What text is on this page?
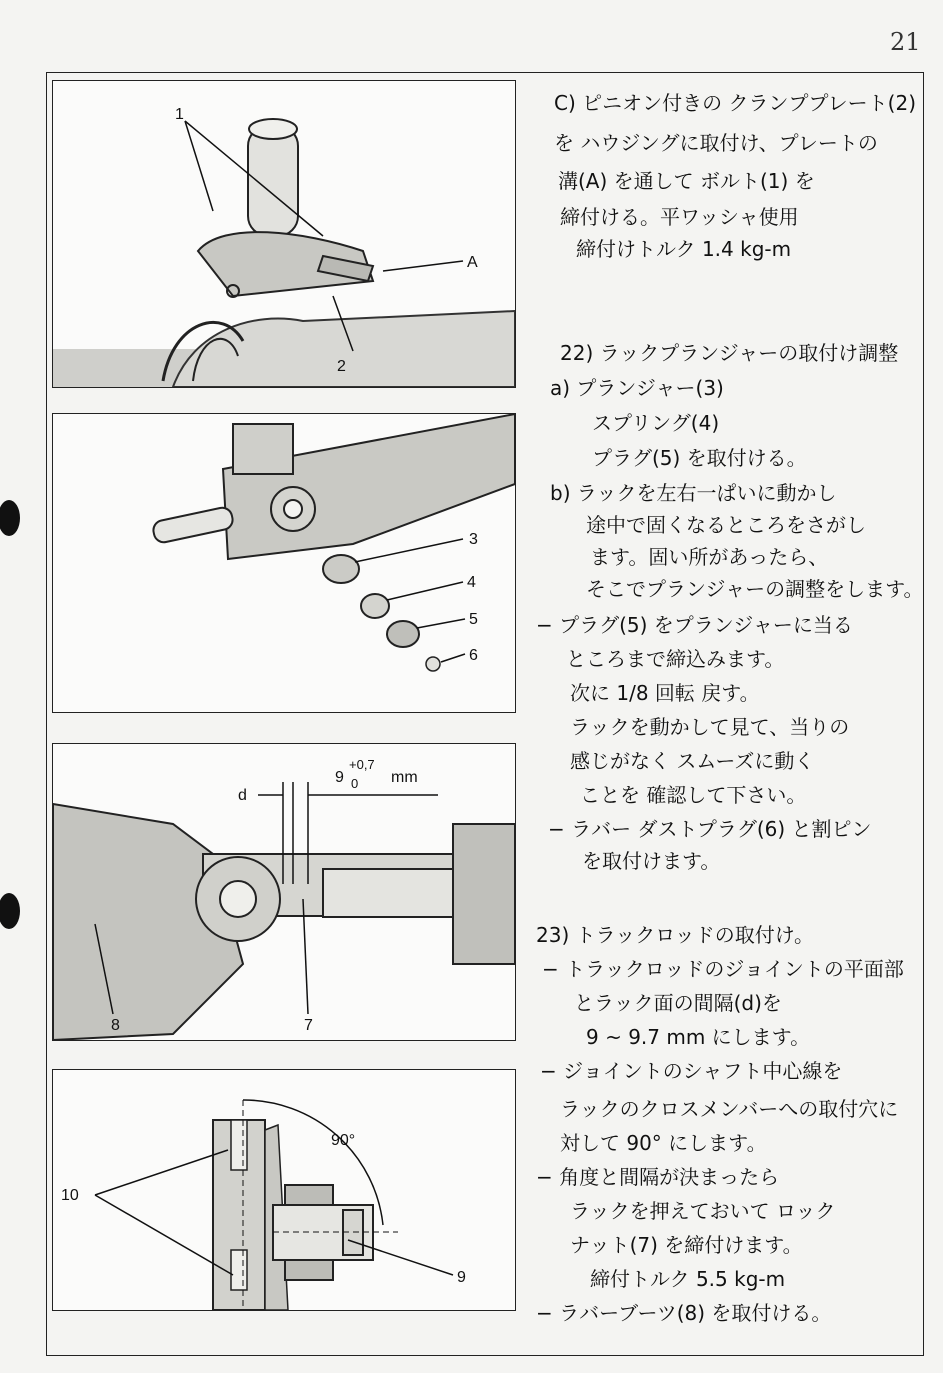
21
1
A
2
3
4
5
6
d
9
+0,7
0 mm
8	7
10
90°
9
C) ピニオン付きの クランププレート(2)
を ハウジングに取付け、プレートの
溝(A) を通して ボルト(1) を
締付ける。平ワッシャ使用
締付けトルク 1.4 kg-m
22) ラックプランジャーの取付け調整
a) プランジャー(3)
スプリング(4)
プラグ(5) を取付ける。
b) ラックを左右一ぱいに動かし
途中で固くなるところをさがし
ます。固い所があったら、
そこでプランジャーの調整をします。
− プラグ(5) をプランジャーに当る
ところまで締込みます。
次に 1/8 回転 戻す。
ラックを動かして見て、当りの
感じがなく スムーズに動く
ことを 確認して下さい。
− ラバー ダストプラグ(6) と割ピン
を取付けます。
23) トラックロッドの取付け。
− トラックロッドのジョイントの平面部
とラック面の間隔(d)を
9 ~ 9.7 mm にします。
− ジョイントのシャフト中心線を
ラックのクロスメンバーへの取付穴に
対して 90° にします。
− 角度と間隔が決まったら
ラックを押えておいて ロック
ナット(7) を締付けます。
締付トルク 5.5 kg-m
− ラバーブーツ(8) を取付ける。
